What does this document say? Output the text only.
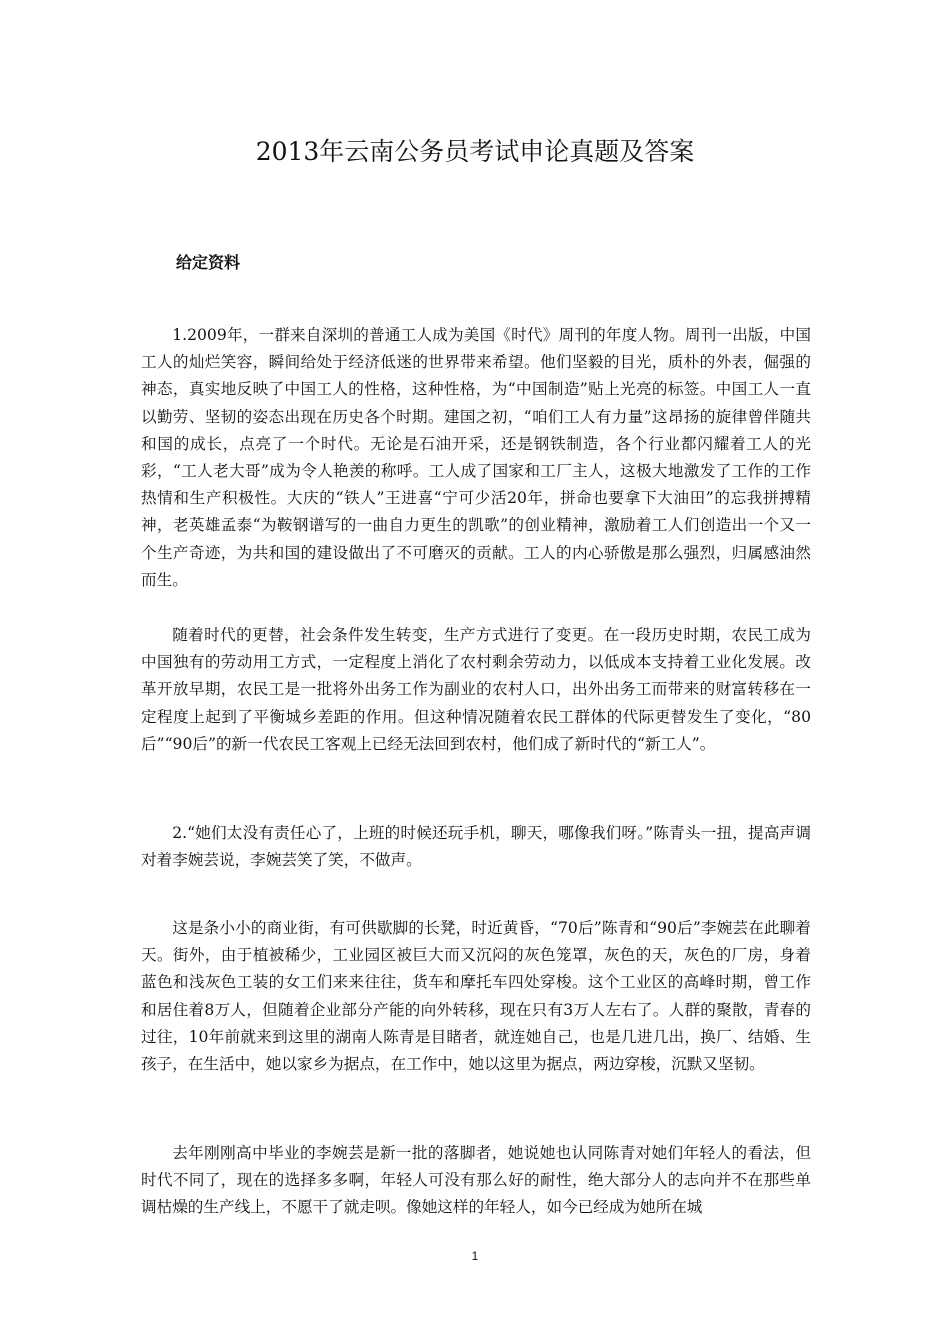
2013年云南公务员考试申论真题及答案
给定资料

1.2009年，一群来自深圳的普通工人成为美国《时代》周刊的年度人物。周刊一出版，中国工人的灿烂笑容，瞬间给处于经济低迷的世界带来希望。他们坚毅的目光，质朴的外表，倔强的神态，真实地反映了中国工人的性格，这种性格，为“中国制造”贴上光亮的标签。中国工人一直以勤劳、坚韧的姿态出现在历史各个时期。建国之初，“咱们工人有力量”这昂扬的旋律曾伴随共和国的成长，点亮了一个时代。无论是石油开采，还是钢铁制造，各个行业都闪耀着工人的光彩，“工人老大哥”成为令人艳羡的称呼。工人成了国家和工厂主人，这极大地激发了工作的工作热情和生产积极性。大庆的“铁人”王进喜“宁可少活20年，拼命也要拿下大油田”的忘我拼搏精神，老英雄孟泰“为鞍钢谱写的一曲自力更生的凯歌”的创业精神，激励着工人们创造出一个又一个生产奇迹，为共和国的建设做出了不可磨灭的贡献。工人的内心骄傲是那么强烈，归属感油然而生。

随着时代的更替，社会条件发生转变，生产方式进行了变更。在一段历史时期，农民工成为中国独有的劳动用工方式，一定程度上消化了农村剩余劳动力，以低成本支持着工业化发展。改革开放早期，农民工是一批将外出务工作为副业的农村人口，出外出务工而带来的财富转移在一定程度上起到了平衡城乡差距的作用。但这种情况随着农民工群体的代际更替发生了变化，“80后”“90后”的新一代农民工客观上已经无法回到农村，他们成了新时代的“新工人”。

2.“她们太没有责任心了，上班的时候还玩手机，聊天，哪像我们呀。”陈青头一扭，提高声调对着李婉芸说，李婉芸笑了笑，不做声。

这是条小小的商业街，有可供歇脚的长凳，时近黄昏，“70后”陈青和“90后”李婉芸在此聊着天。街外，由于植被稀少，工业园区被巨大而又沉闷的灰色笼罩，灰色的天，灰色的厂房，身着蓝色和浅灰色工装的女工们来来往往，货车和摩托车四处穿梭。这个工业区的高峰时期，曾工作和居住着8万人，但随着企业部分产能的向外转移，现在只有3万人左右了。人群的聚散，青春的过往，10年前就来到这里的湖南人陈青是目睹者，就连她自己，也是几进几出，换厂、结婚、生孩子，在生活中，她以家乡为据点，在工作中，她以这里为据点，两边穿梭，沉默又坚韧。

去年刚刚高中毕业的李婉芸是新一批的落脚者，她说她也认同陈青对她们年轻人的看法，但时代不同了，现在的选择多多啊，年轻人可没有那么好的耐性，绝大部分人的志向并不在那些单调枯燥的生产线上，不愿干了就走呗。像她这样的年轻人，如今已经成为她所在城

1
